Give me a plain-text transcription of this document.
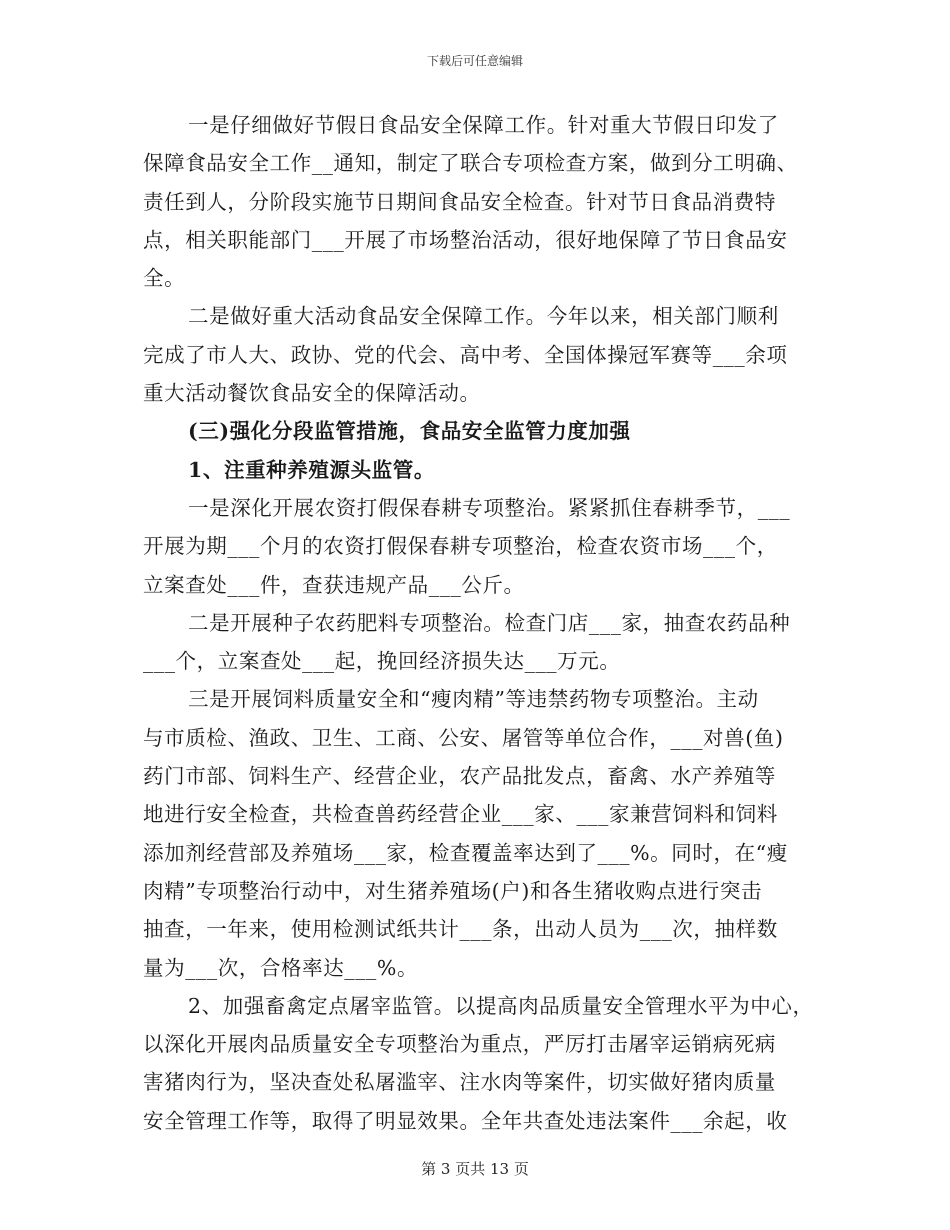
下载后可任意编辑
一是仔细做好节假日食品安全保障工作。针对重大节假日印发了
保障食品安全工作__通知，制定了联合专项检查方案，做到分工明确、
责任到人，分阶段实施节日期间食品安全检查。针对节日食品消费特
点，相关职能部门___开展了市场整治活动，很好地保障了节日食品安
全。
二是做好重大活动食品安全保障工作。今年以来，相关部门顺利
完成了市人大、政协、党的代会、高中考、全国体操冠军赛等___余项
重大活动餐饮食品安全的保障活动。
(三)强化分段监管措施，食品安全监管力度加强
1、注重种养殖源头监管。
一是深化开展农资打假保春耕专项整治。紧紧抓住春耕季节，___
开展为期___个月的农资打假保春耕专项整治，检查农资市场___个，
立案查处___件，查获违规产品___公斤。
二是开展种子农药肥料专项整治。检查门店___家，抽查农药品种
___个，立案查处___起，挽回经济损失达___万元。
三是开展饲料质量安全和“瘦肉精”等违禁药物专项整治。主动
与市质检、渔政、卫生、工商、公安、屠管等单位合作，___对兽(鱼)
药门市部、饲料生产、经营企业，农产品批发点，畜禽、水产养殖等
地进行安全检查，共检查兽药经营企业___家、___家兼营饲料和饲料
添加剂经营部及养殖场___家，检查覆盖率达到了___%。同时，在“瘦
肉精”专项整治行动中，对生猪养殖场(户)和各生猪收购点进行突击
抽查，一年来，使用检测试纸共计___条，出动人员为___次，抽样数
量为___次，合格率达___%。
2、加强畜禽定点屠宰监管。以提高肉品质量安全管理水平为中心，
以深化开展肉品质量安全专项整治为重点，严厉打击屠宰运销病死病
害猪肉行为，坚决查处私屠滥宰、注水肉等案件，切实做好猪肉质量
安全管理工作等，取得了明显效果。全年共查处违法案件___余起，收
第 3 页共 13 页
